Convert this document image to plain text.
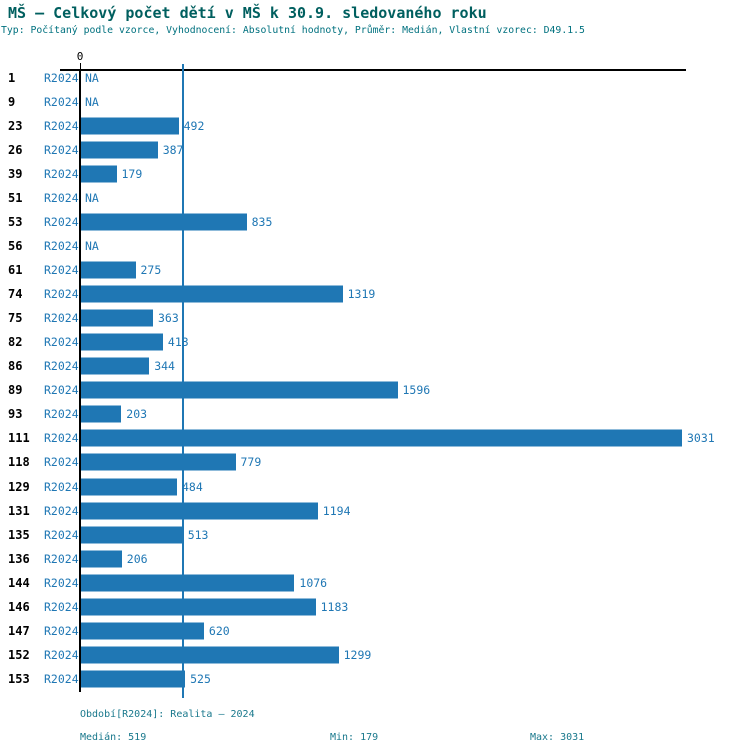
MŠ – Celkový počet dětí v MŠ k 30.9. sledovaného roku
Typ: Počítaný podle vzorce, Vyhodnocení: Absolutní hodnoty, Průměr: Medián, Vlastní vzorec: D49.1.5
0
1	R2024 NA
9	R2024 NA
23 R2024	492
26 R2024	387
39 R2024	179
51 R2024 NA
53 R2024	835
56 R2024 NA
61 R2024	275
74 R2024	1319
75 R2024	363
82 R2024	413
86 R2024	344
89 R2024	1596
93 R2024	203
111 R2024	3031
118 R2024	779
129 R2024	484
131 R2024	1194
135 R2024	513
136 R2024	206
144 R2024	1076
146 R2024	1183
147 R2024	620
152 R2024	1299
153 R2024	525
Období[R2024]: Realita – 2024
Medián: 519	Min: 179	Max: 3031
